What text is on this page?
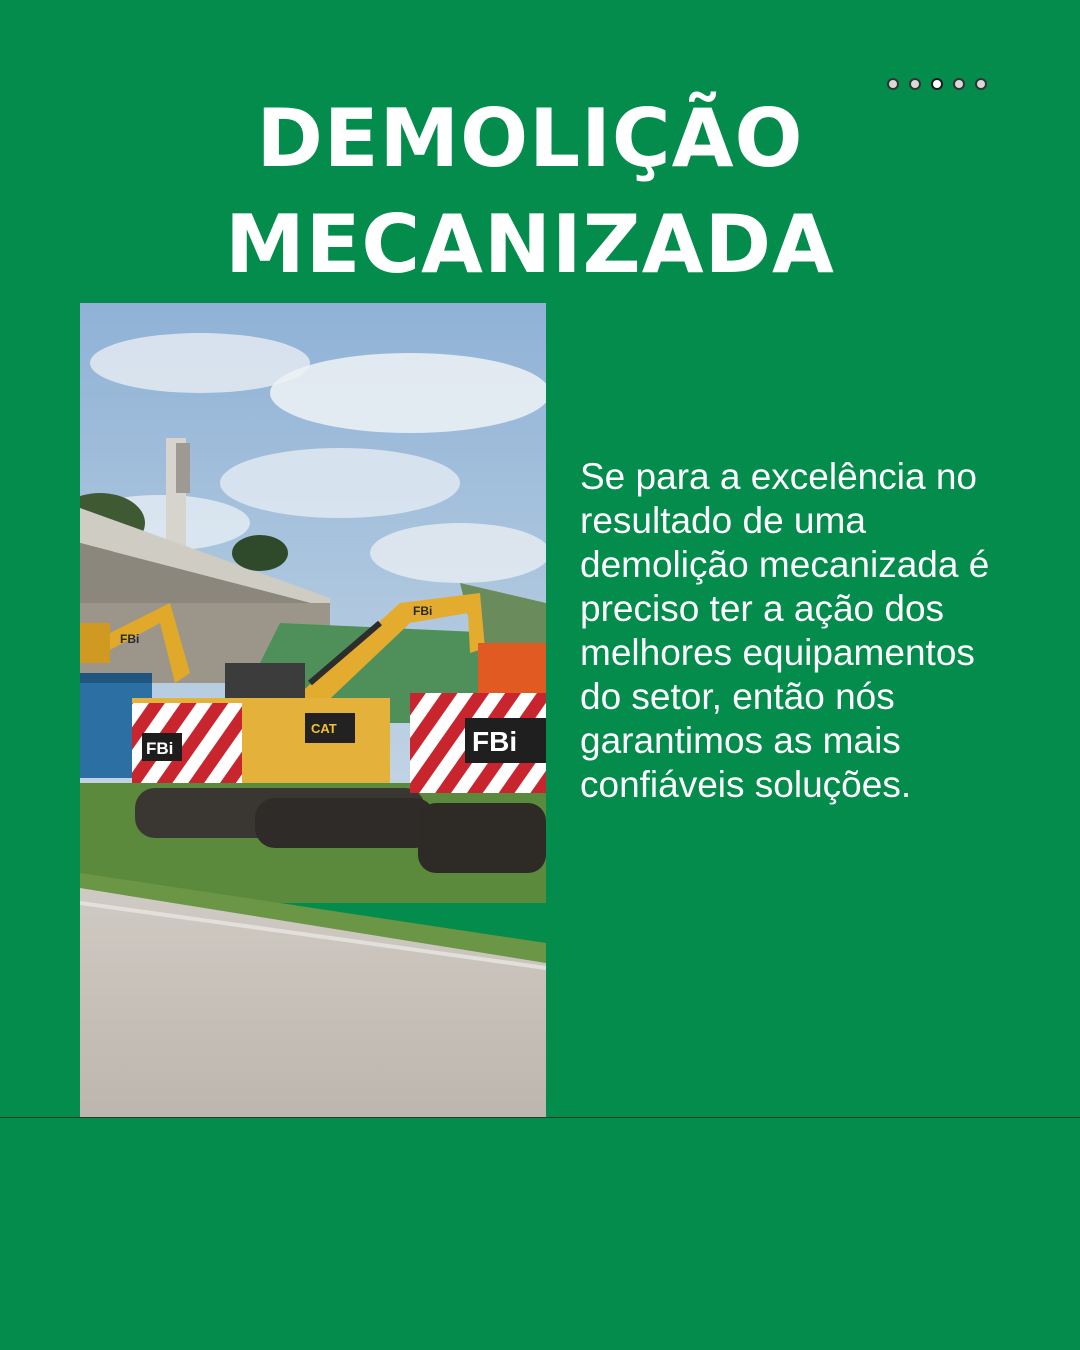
DEMOLIÇÃO
MECANIZADA
FBi
CAT	FBi
FBi
FBi

Se para a excelência no resultado de uma demolição mecanizada é preciso ter a ação dos melhores equipamentos do setor, então nós garantimos as mais confiáveis soluções.
